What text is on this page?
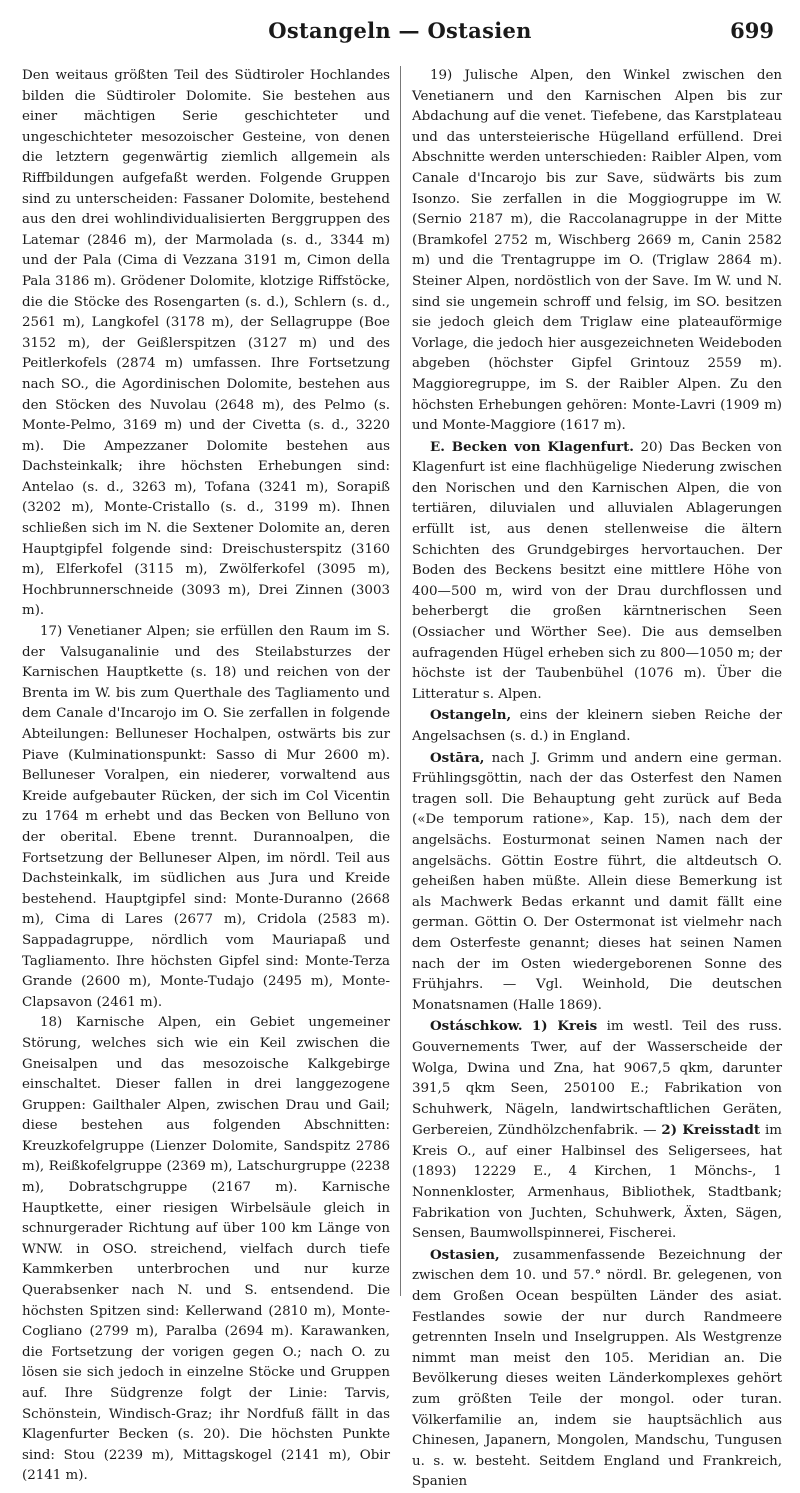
Ostangeln — Ostasien	699

Den weitaus größten Teil des Südtiroler Hochlandes bilden die Südtiroler Dolomite. Sie bestehen aus einer mächtigen Serie geschichteter und ungeschichteter mesozoischer Gesteine, von denen die letztern gegenwärtig ziemlich allgemein als Riffbildungen aufgefaßt werden. Folgende Gruppen sind zu unterscheiden: Fassaner Dolomite, bestehend aus den drei wohlindividualisierten Berggruppen des Latemar (2846 m), der Marmolada (s. d., 3344 m) und der Pala (Cima di Vezzana 3191 m, Cimon della Pala 3186 m). Grödener Dolomite, klotzige Riffstöcke, die die Stöcke des Rosengarten (s. d.), Schlern (s. d., 2561 m), Langkofel (3178 m), der Sellagruppe (Boe 3152 m), der Geißlerspitzen (3127 m) und des Peitlerkofels (2874 m) umfassen. Ihre Fortsetzung nach SO., die Agordinischen Dolomite, bestehen aus den Stöcken des Nuvolau (2648 m), des Pelmo (s. Monte-Pelmo, 3169 m) und der Civetta (s. d., 3220 m). Die Ampezzaner Dolomite bestehen aus Dachsteinkalk; ihre höchsten Erhebungen sind: Antelao (s. d., 3263 m), Tofana (3241 m), Sorapiß (3202 m), Monte-Cristallo (s. d., 3199 m). Ihnen schließen sich im N. die Sextener Dolomite an, deren Hauptgipfel folgende sind: Dreischusterspitz (3160 m), Elferkofel (3115 m), Zwölferkofel (3095 m), Hochbrunnerschneide (3093 m), Drei Zinnen (3003 m).

17) Venetianer Alpen; sie erfüllen den Raum im S. der Valsuganalinie und des Steilabsturzes der Karnischen Hauptkette (s. 18) und reichen von der Brenta im W. bis zum Querthale des Tagliamento und dem Canale d'Incarojo im O. Sie zerfallen in folgende Abteilungen: Belluneser Hochalpen, ostwärts bis zur Piave (Kulminationspunkt: Sasso di Mur 2600 m). Belluneser Voralpen, ein niederer, vorwaltend aus Kreide aufgebauter Rücken, der sich im Col Vicentin zu 1764 m erhebt und das Becken von Belluno von der oberital. Ebene trennt. Durannoalpen, die Fortsetzung der Belluneser Alpen, im nördl. Teil aus Dachsteinkalk, im südlichen aus Jura und Kreide bestehend. Hauptgipfel sind: Monte-Duranno (2668 m), Cima di Lares (2677 m), Cridola (2583 m). Sappadagruppe, nördlich vom Mauriapaß und Tagliamento. Ihre höchsten Gipfel sind: Monte-Terza Grande (2600 m), Monte-Tudajo (2495 m), Monte-Clapsavon (2461 m).

18) Karnische Alpen, ein Gebiet ungemeiner Störung, welches sich wie ein Keil zwischen die Gneisalpen und das mesozoische Kalkgebirge einschaltet. Dieser fallen in drei langgezogene Gruppen: Gailthaler Alpen, zwischen Drau und Gail; diese bestehen aus folgenden Abschnitten: Kreuzkofelgruppe (Lienzer Dolomite, Sandspitz 2786 m), Reißkofelgruppe (2369 m), Latschurgruppe (2238 m), Dobratschgruppe (2167 m). Karnische Hauptkette, einer riesigen Wirbelsäule gleich in schnurgerader Richtung auf über 100 km Länge von WNW. in OSO. streichend, vielfach durch tiefe Kammkerben unterbrochen und nur kurze Querabsenker nach N. und S. entsendend. Die höchsten Spitzen sind: Kellerwand (2810 m), Monte-Cogliano (2799 m), Paralba (2694 m). Karawanken, die Fortsetzung der vorigen gegen O.; nach O. zu lösen sie sich jedoch in einzelne Stöcke und Gruppen auf. Ihre Südgrenze folgt der Linie: Tarvis, Schönstein, Windisch-Graz; ihr Nordfuß fällt in das Klagenfurter Becken (s. 20). Die höchsten Punkte sind: Stou (2239 m), Mittagskogel (2141 m), Obir (2141 m).

19) Julische Alpen, den Winkel zwischen den Venetianern und den Karnischen Alpen bis zur Abdachung auf die venet. Tiefebene, das Karstplateau und das untersteierische Hügelland erfüllend. Drei Abschnitte werden unterschieden: Raibler Alpen, vom Canale d'Incarojo bis zur Save, südwärts bis zum Isonzo. Sie zerfallen in die Moggiogruppe im W. (Sernio 2187 m), die Raccolanagruppe in der Mitte (Bramkofel 2752 m, Wischberg 2669 m, Canin 2582 m) und die Trentagruppe im O. (Triglaw 2864 m). Steiner Alpen, nordöstlich von der Save. Im W. und N. sind sie ungemein schroff und felsig, im SO. besitzen sie jedoch gleich dem Triglaw eine plateauförmige Vorlage, die jedoch hier ausgezeichneten Weideboden abgeben (höchster Gipfel Grintouz 2559 m). Maggioregruppe, im S. der Raibler Alpen. Zu den höchsten Erhebungen gehören: Monte-Lavri (1909 m) und Monte-Maggiore (1617 m).

E. Becken von Klagenfurt. 20) Das Becken von Klagenfurt ist eine flachhügelige Niederung zwischen den Norischen und den Karnischen Alpen, die von tertiären, diluvialen und alluvialen Ablagerungen erfüllt ist, aus denen stellenweise die ältern Schichten des Grundgebirges hervortauchen. Der Boden des Beckens besitzt eine mittlere Höhe von 400—500 m, wird von der Drau durchflossen und beherbergt die großen kärntnerischen Seen (Ossiacher und Wörther See). Die aus demselben aufragenden Hügel erheben sich zu 800—1050 m; der höchste ist der Taubenbühel (1076 m). Über die Litteratur s. Alpen.

Ostangeln, eins der kleinern sieben Reiche der Angelsachsen (s. d.) in England.

Ostāra, nach J. Grimm und andern eine german. Frühlingsgöttin, nach der das Osterfest den Namen tragen soll. Die Behauptung geht zurück auf Beda («De temporum ratione», Kap. 15), nach dem der angelsächs. Eosturmonat seinen Namen nach der angelsächs. Göttin Eostre führt, die altdeutsch O. geheißen haben müßte. Allein diese Bemerkung ist als Machwerk Bedas erkannt und damit fällt eine german. Göttin O. Der Ostermonat ist vielmehr nach dem Osterfeste genannt; dieses hat seinen Namen nach der im Osten wiedergeborenen Sonne des Frühjahrs. — Vgl. Weinhold, Die deutschen Monatsnamen (Halle 1869).

Ostáschkow. 1) Kreis im westl. Teil des russ. Gouvernements Twer, auf der Wasserscheide der Wolga, Dwina und Zna, hat 9067,5 qkm, darunter 391,5 qkm Seen, 250100 E.; Fabrikation von Schuhwerk, Nägeln, landwirtschaftlichen Geräten, Gerbereien, Zündhölzchenfabrik. — 2) Kreisstadt im Kreis O., auf einer Halbinsel des Seligersees, hat (1893) 12229 E., 4 Kirchen, 1 Mönchs-, 1 Nonnenkloster, Armenhaus, Bibliothek, Stadtbank; Fabrikation von Juchten, Schuhwerk, Äxten, Sägen, Sensen, Baumwollspinnerei, Fischerei.

Ostasien, zusammenfassende Bezeichnung der zwischen dem 10. und 57.° nördl. Br. gelegenen, von dem Großen Ocean bespülten Länder des asiat. Festlandes sowie der nur durch Randmeere getrennten Inseln und Inselgruppen. Als Westgrenze nimmt man meist den 105. Meridian an. Die Bevölkerung dieses weiten Länderkomplexes gehört zum größten Teile der mongol. oder turan. Völkerfamilie an, indem sie hauptsächlich aus Chinesen, Japanern, Mongolen, Mandschu, Tungusen u. s. w. besteht. Seitdem England und Frankreich, Spanien
